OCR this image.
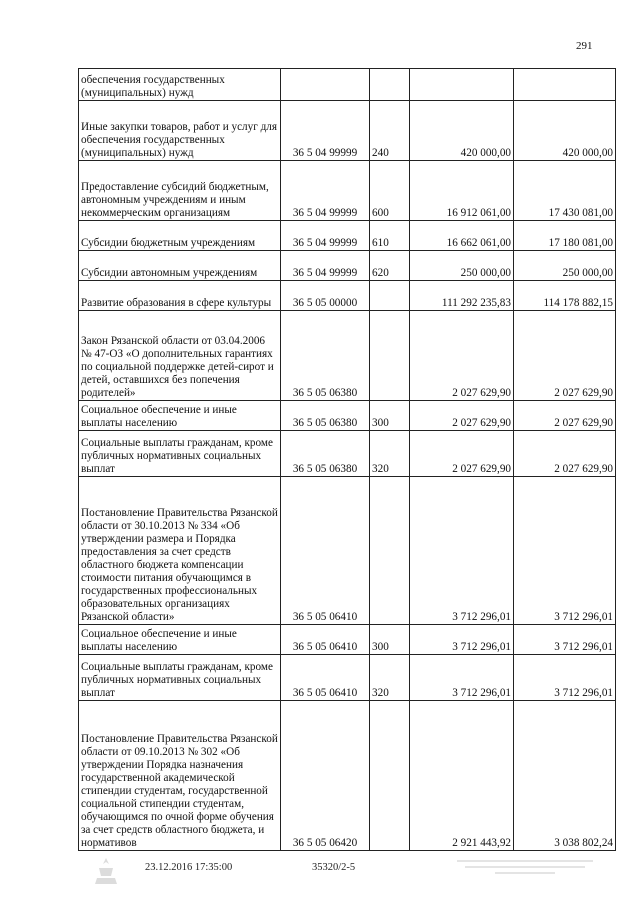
291
обеспечения государственных (муниципальных) нужд				
Иные закупки товаров, работ и услуг для обеспечения государственных (муниципальных) нужд	36 5 04 99999	240	420 000,00	420 000,00
Предоставление субсидий бюджетным, автономным учреждениям и иным некоммерческим организациям	36 5 04 99999	600	16 912 061,00	17 430 081,00
Субсидии бюджетным учреждениям	36 5 04 99999	610	16 662 061,00	17 180 081,00
Субсидии автономным учреждениям	36 5 04 99999	620	250 000,00	250 000,00
Развитие образования в сфере культуры	36 5 05 00000		111 292 235,83	114 178 882,15
Закон Рязанской области от 03.04.2006 № 47-ОЗ «О дополнительных гарантиях по социальной поддержке детей-сирот и детей, оставшихся без попечения родителей»	36 5 05 06380		2 027 629,90	2 027 629,90
Социальное обеспечение и иные выплаты населению	36 5 05 06380	300	2 027 629,90	2 027 629,90
Социальные выплаты гражданам, кроме публичных нормативных социальных выплат	36 5 05 06380	320	2 027 629,90	2 027 629,90
Постановление Правительства Рязанской области от 30.10.2013 № 334 «Об утверждении размера и Порядка предоставления за счет средств областного бюджета компенсации стоимости питания обучающимся в государственных профессиональных образовательных организациях Рязанской области»	36 5 05 06410		3 712 296,01	3 712 296,01
Социальное обеспечение и иные выплаты населению	36 5 05 06410	300	3 712 296,01	3 712 296,01
Социальные выплаты гражданам, кроме публичных нормативных социальных выплат	36 5 05 06410	320	3 712 296,01	3 712 296,01
Постановление Правительства Рязанской области от 09.10.2013 № 302 «Об утверждении Порядка назначения государственной академической стипендии студентам, государственной социальной стипендии студентам, обучающимся по очной форме обучения за счет средств областного бюджета, и нормативов	36 5 05 06420		2 921 443,92	3 038 802,24
23.12.2016 17:35:00	35320/2-5
